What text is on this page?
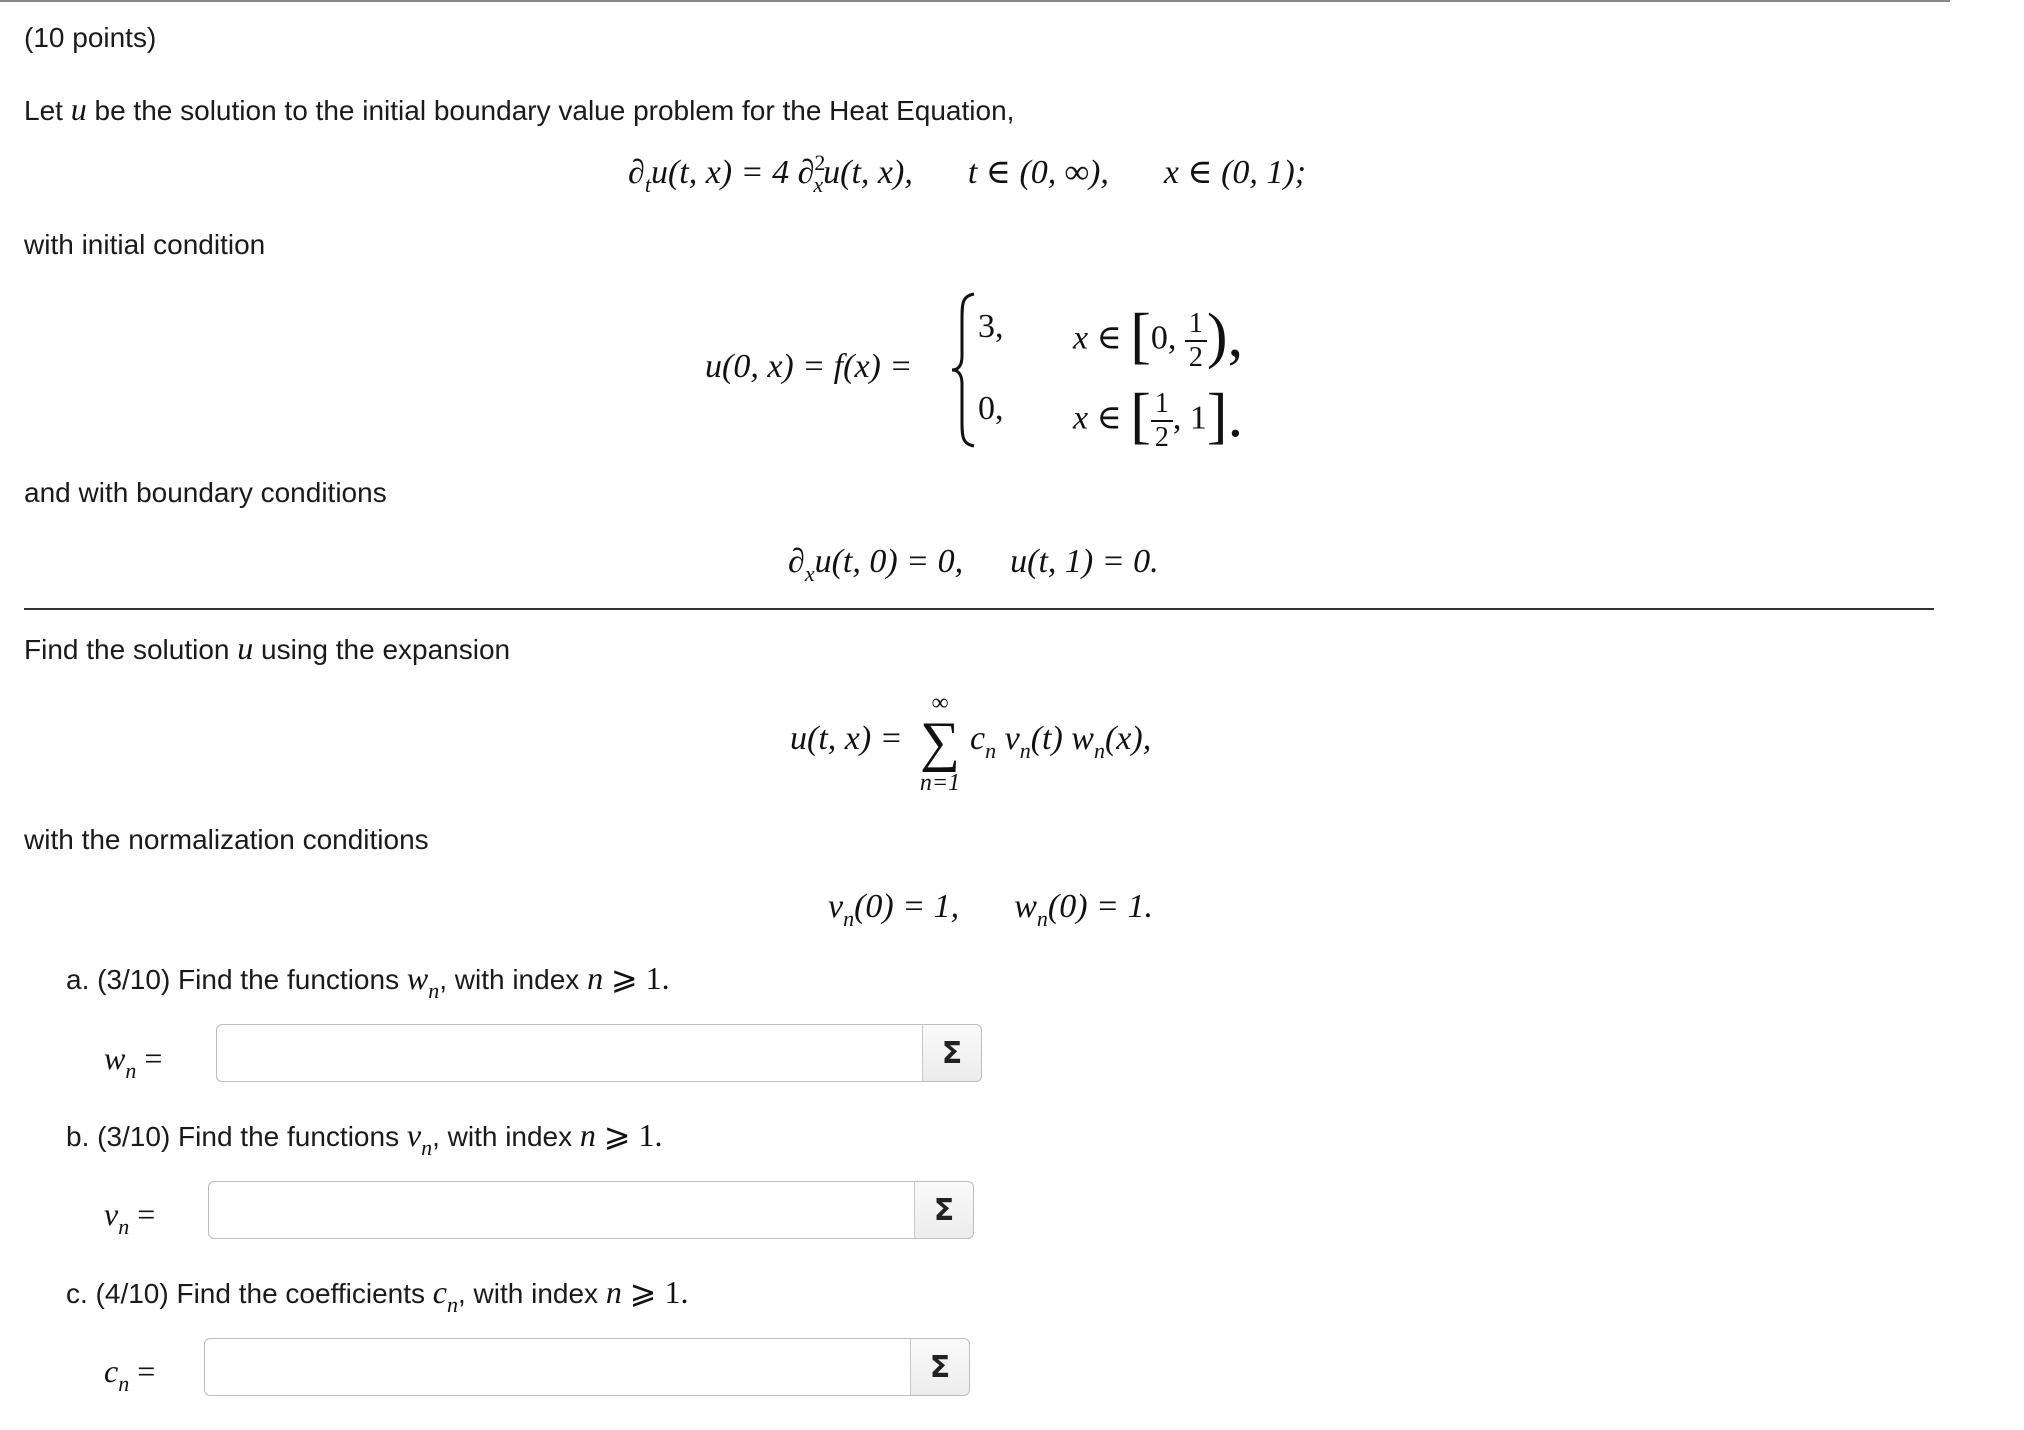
(10 points)
Let u be the solution to the initial boundary value problem for the Heat Equation,
$\partial_tu(t$, x) = 4 ∂$^2_x$u(t, x), t ∈ (0, ∞), x ∈ (0, 1);
with initial condition
u(0, x) = f(x) =
3, x ∈ [0, $\frac{1}{2}$ ),
0, x ∈ [ $\frac{1}{2}$ , 1].
and with boundary conditions
$\partial_xu(t$, 0) = 0, u(t, 1) = 0.
Find the solution u using the expansion
u(t, x) =
∞
∑
n=1
$c_n$ $v_n(t)$ $w_n(x)$,
with the normalization conditions
$v_n(0) = 1$, $w_n(0) = 1$.
a. (3/10) Find the functions $w_n$, with index n ⩾ 1.
$w_n$ =	Σ
b. (3/10) Find the functions $v_n$, with index n ⩾ 1.
$v_n$ =	Σ
c. (4/10) Find the coefficients $c_n$, with index n ⩾ 1.
$c_n$ =	Σ
